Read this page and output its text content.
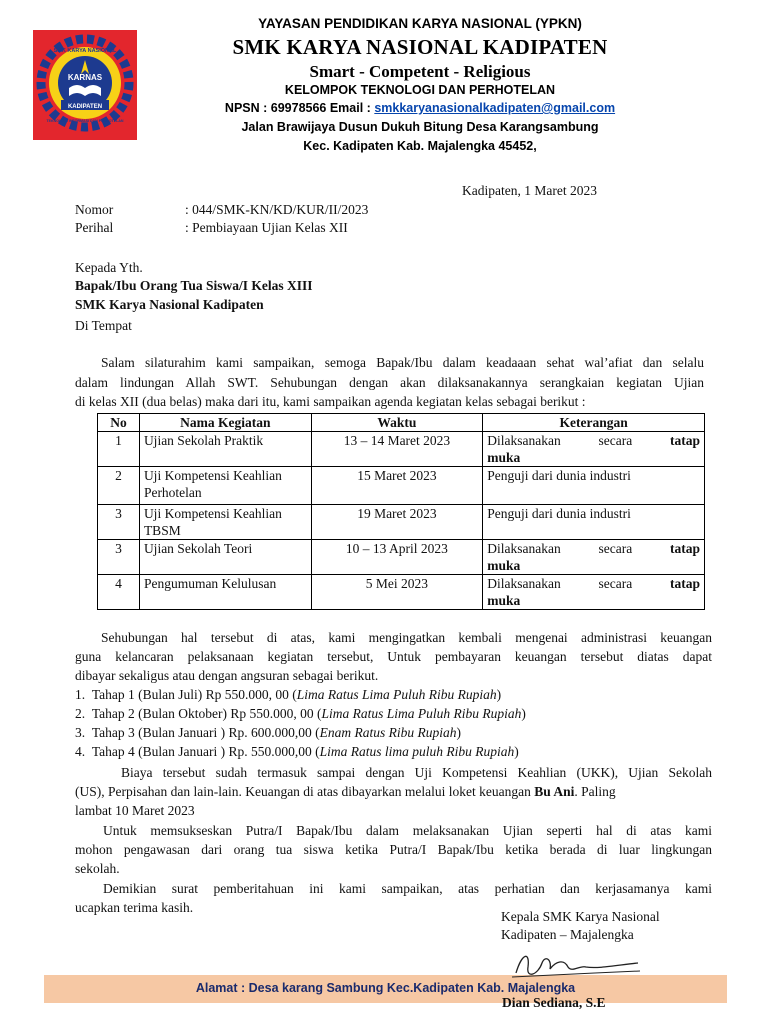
KARNAS
SMK KARYA NASIONAL
KADIPATEN
TEKNOLOGI INFORMASI DAN PERHOTELAN
YAYASAN PENDIDIKAN KARYA NASIONAL (YPKN)
SMK KARYA NASIONAL KADIPATEN
Smart - Competent - Religious
KELOMPOK TEKNOLOGI DAN PERHOTELAN
NPSN : 69978566 Email : smkkaryanasionalkadipaten@gmail.com
Jalan Brawijaya Dusun Dukuh Bitung Desa Karangsambung
Kec. Kadipaten Kab. Majalengka 45452,
Kadipaten, 1 Maret 2023
Nomor	: 044/SMK-KN/KD/KUR/II/2023
Perihal	: Pembiayaan Ujian Kelas XII
Kepada Yth.
Bapak/Ibu Orang Tua Siswa/I Kelas XIII
SMK Karya Nasional Kadipaten
Di Tempat
Salam silaturahim kami sampaikan, semoga Bapak/Ibu dalam keadaaan sehat wal’afiat dan selalu
dalam lindungan Allah SWT. Sehubungan dengan akan dilaksanakannya serangkaian kegiatan Ujian
di kelas XII (dua belas) maka dari itu, kami sampaikan agenda kegiatan kelas sebagai berikut :
No	Nama Kegiatan	Waktu	Keterangan
1	Ujian Sekolah Praktik	13 – 14 Maret 2023	Dilaksanakan secara tatap
muka

2	Uji Kompetensi Keahlian
Perhotelan	15 Maret 2023	Penguji dari dunia industri
3	Uji Kompetensi Keahlian
TBSM	19 Maret 2023	Penguji dari dunia industri
3	Ujian Sekolah Teori	10 – 13 April 2023	Dilaksanakan secara tatap
muka

4	Pengumuman Kelulusan	5 Mei 2023	Dilaksanakan secara tatap
muka
Sehubungan hal tersebut di atas, kami mengingatkan kembali mengenai administrasi keuangan
guna kelancaran pelaksanaan kegiatan tersebut, Untuk pembayaran keuangan tersebut diatas dapat
dibayar sekaligus atau dengan angsuran sebagai berikut.
1. Tahap 1 (Bulan Juli) Rp 550.000, 00 (Lima Ratus Lima Puluh Ribu Rupiah)
2. Tahap 2 (Bulan Oktober) Rp 550.000, 00 (Lima Ratus Lima Puluh Ribu Rupiah)
3. Tahap 3 (Bulan Januari ) Rp. 600.000,00 (Enam Ratus Ribu Rupiah)
4. Tahap 4 (Bulan Januari ) Rp. 550.000,00 (Lima Ratus lima puluh Ribu Rupiah)
Biaya tersebut sudah termasuk sampai dengan Uji Kompetensi Keahlian (UKK), Ujian Sekolah
(US), Perpisahan dan lain-lain. Keuangan di atas dibayarkan melalui loket keuangan Bu Ani. Paling
lambat 10 Maret 2023
Untuk memsukseskan Putra/I Bapak/Ibu dalam melaksanakan Ujian seperti hal di atas kami
mohon pengawasan dari orang tua siswa ketika Putra/I Bapak/Ibu ketika berada di luar lingkungan
sekolah.
Demikian surat pemberitahuan ini kami sampaikan, atas perhatian dan kerjasamanya kami
ucapkan terima kasih.
Kepala SMK Karya Nasional
Kadipaten – Majalengka
Alamat : Desa karang Sambung Kec.Kadipaten Kab. Majalengka
Dian Sediana, S.E
